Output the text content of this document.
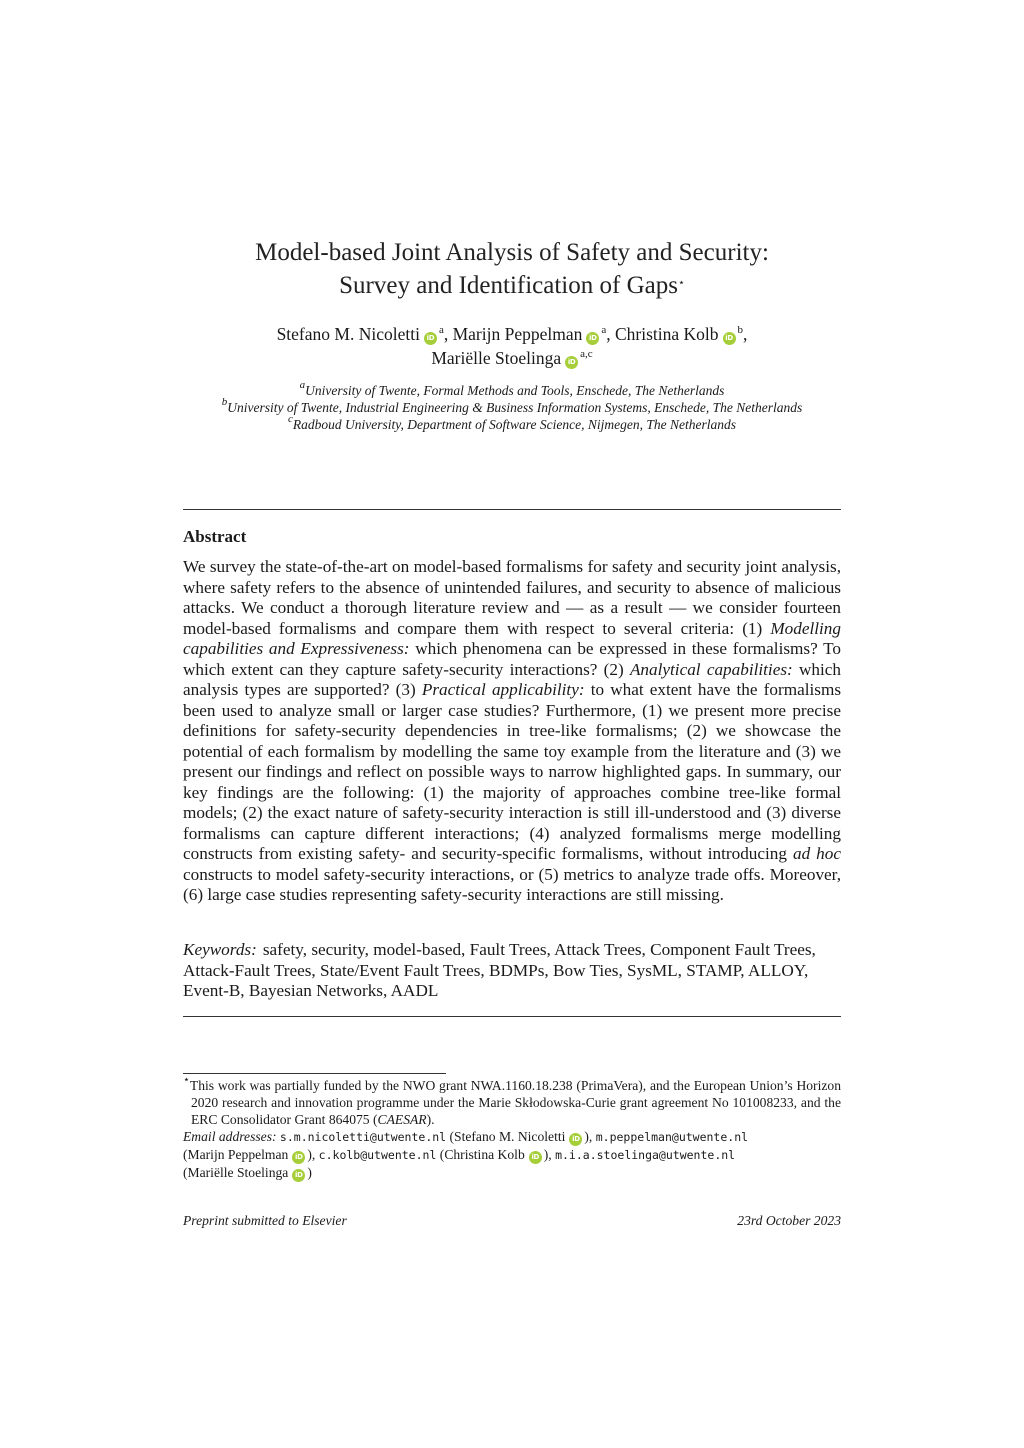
Model-based Joint Analysis of Safety and Security:
Survey and Identification of Gaps⋆
Stefano M. Nicoletti $iD^a$, Marijn Peppelman $iD^a$, Christina Kolb $iD^b$,
Mariëlle Stoelinga iD$^{a,c}$
$^a$University of Twente, Formal Methods and Tools, Enschede, The Netherlands
$^b$University of Twente, Industrial Engineering & Business Information Systems, Enschede, The Netherlands
$^c$Radboud University, Department of Software Science, Nijmegen, The Netherlands
Abstract

We survey the state-of-the-art on model-based formalisms for safety and security joint analysis, where safety refers to the absence of unintended failures, and security to absence of malicious attacks. We conduct a thorough literature review and — as a result — we consider fourteen model-based formalisms and compare them with respect to several criteria: (1) Modelling capabilities and Expressiveness: which phenomena can be expressed in these formalisms? To which extent can they capture safety-security interactions? (2) Analytical capabilities: which analysis types are supported? (3) Practical applicability: to what extent have the formalisms been used to analyze small or larger case studies? Furthermore, (1) we present more precise definitions for safety-security dependencies in tree-like formalisms; (2) we showcase the potential of each formalism by modelling the same toy example from the literature and (3) we present our findings and reflect on possible ways to narrow highlighted gaps. In summary, our key findings are the following: (1) the majority of approaches combine tree-like formal models; (2) the exact nature of safety-security interaction is still ill-understood and (3) diverse formalisms can capture different interactions; (4) analyzed formalisms merge modelling constructs from existing safety- and security-specific formalisms, without introducing ad hoc constructs to model safety-security interactions, or (5) metrics to analyze trade offs. Moreover, (6) large case studies representing safety-security interactions are still missing.

Keywords: safety, security, model-based, Fault Trees, Attack Trees, Component Fault Trees, Attack-Fault Trees, State/Event Fault Trees, BDMPs, Bow Ties, SysML, STAMP, ALLOY, Event-B, Bayesian Networks, AADL

⋆This work was partially funded by the NWO grant NWA.1160.18.238 (PrimaVera), and the European Union’s Horizon 2020 research and innovation programme under the Marie Skłodowska-Curie grant agreement No 101008233, and the ERC Consolidator Grant 864075 (CAESAR).

Email addresses: s.m.nicoletti@utwente.nl (Stefano M. Nicoletti iD ), m.peppelman@utwente.nl
(Marijn Peppelman iD ), c.kolb@utwente.nl (Christina Kolb iD ), m.i.a.stoelinga@utwente.nl
(Mariëlle Stoelinga iD )

Preprint submitted to Elsevier	23rd October 2023
